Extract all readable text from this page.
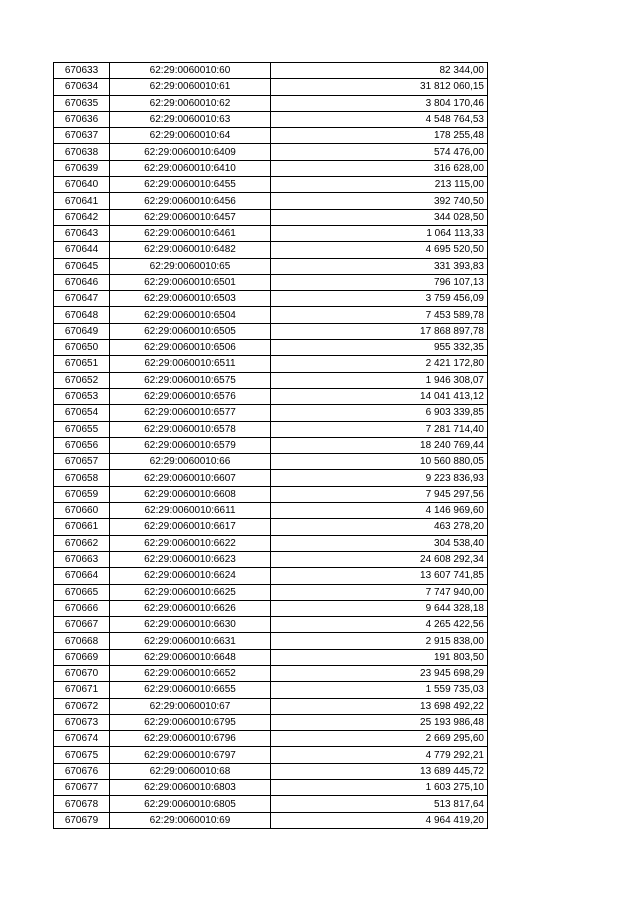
670633	62:29:0060010:60	82 344,00
670634	62:29:0060010:61	31 812 060,15
670635	62:29:0060010:62	3 804 170,46
670636	62:29:0060010:63	4 548 764,53
670637	62:29:0060010:64	178 255,48
670638	62:29:0060010:6409	574 476,00
670639	62:29:0060010:6410	316 628,00
670640	62:29:0060010:6455	213 115,00
670641	62:29:0060010:6456	392 740,50
670642	62:29:0060010:6457	344 028,50
670643	62:29:0060010:6461	1 064 113,33
670644	62:29:0060010:6482	4 695 520,50
670645	62:29:0060010:65	331 393,83
670646	62:29:0060010:6501	796 107,13
670647	62:29:0060010:6503	3 759 456,09
670648	62:29:0060010:6504	7 453 589,78
670649	62:29:0060010:6505	17 868 897,78
670650	62:29:0060010:6506	955 332,35
670651	62:29:0060010:6511	2 421 172,80
670652	62:29:0060010:6575	1 946 308,07
670653	62:29:0060010:6576	14 041 413,12
670654	62:29:0060010:6577	6 903 339,85
670655	62:29:0060010:6578	7 281 714,40
670656	62:29:0060010:6579	18 240 769,44
670657	62:29:0060010:66	10 560 880,05
670658	62:29:0060010:6607	9 223 836,93
670659	62:29:0060010:6608	7 945 297,56
670660	62:29:0060010:6611	4 146 969,60
670661	62:29:0060010:6617	463 278,20
670662	62:29:0060010:6622	304 538,40
670663	62:29:0060010:6623	24 608 292,34
670664	62:29:0060010:6624	13 607 741,85
670665	62:29:0060010:6625	7 747 940,00
670666	62:29:0060010:6626	9 644 328,18
670667	62:29:0060010:6630	4 265 422,56
670668	62:29:0060010:6631	2 915 838,00
670669	62:29:0060010:6648	191 803,50
670670	62:29:0060010:6652	23 945 698,29
670671	62:29:0060010:6655	1 559 735,03
670672	62:29:0060010:67	13 698 492,22
670673	62:29:0060010:6795	25 193 986,48
670674	62:29:0060010:6796	2 669 295,60
670675	62:29:0060010:6797	4 779 292,21
670676	62:29:0060010:68	13 689 445,72
670677	62:29:0060010:6803	1 603 275,10
670678	62:29:0060010:6805	513 817,64
670679	62:29:0060010:69	4 964 419,20
